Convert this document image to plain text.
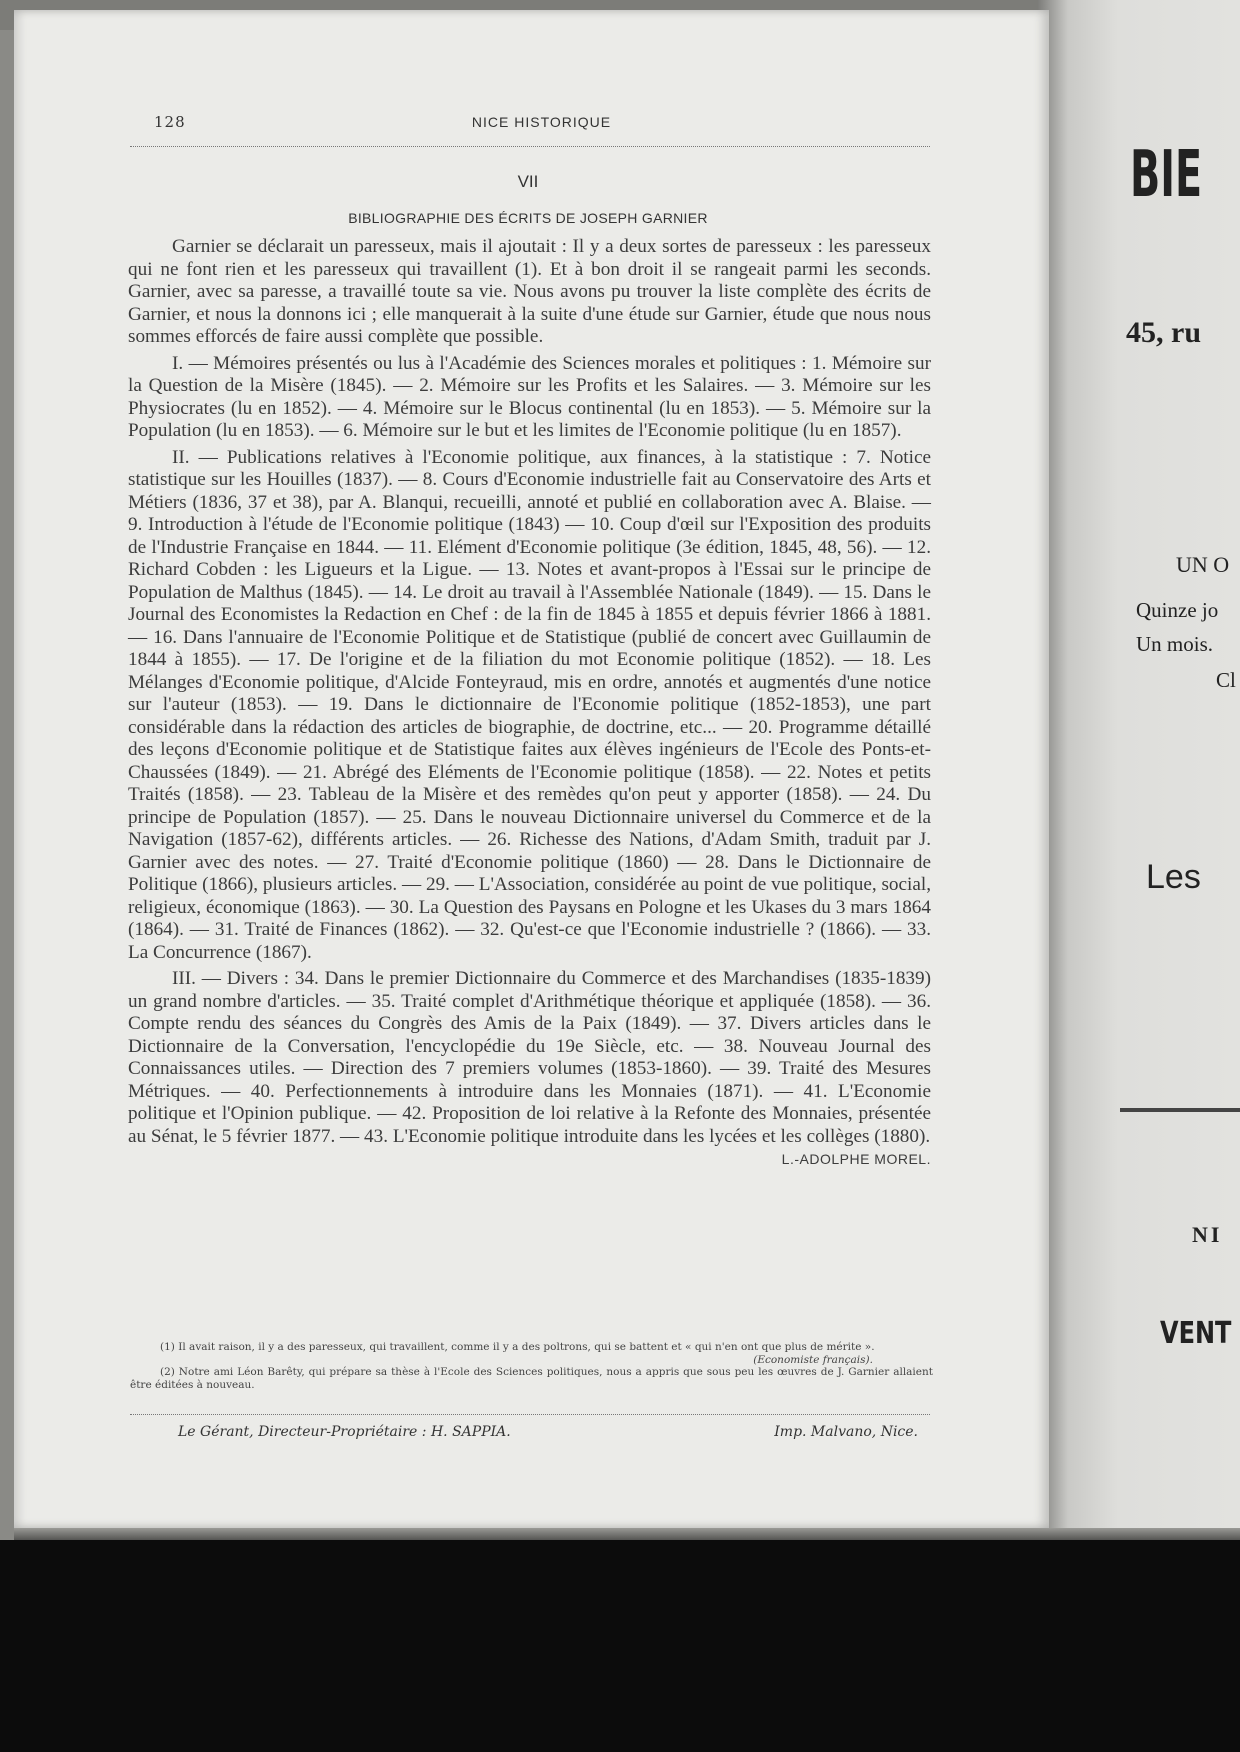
BIE
45, ru
UN O
Quinze jo
Un mois.
Cl
Les
NI
VENT
128	NICE HISTORIQUE
VII
BIBLIOGRAPHIE DES ÉCRITS DE JOSEPH GARNIER

Garnier se déclarait un paresseux, mais il ajoutait : Il y a deux sortes de paresseux : les paresseux qui ne font rien et les paresseux qui travaillent (1). Et à bon droit il se rangeait parmi les seconds. Garnier, avec sa paresse, a travaillé toute sa vie. Nous avons pu trouver la liste complète des écrits de Garnier, et nous la donnons ici ; elle manquerait à la suite d'une étude sur Garnier, étude que nous nous sommes efforcés de faire aussi complète que possible.

I. — Mémoires présentés ou lus à l'Académie des Sciences morales et politiques : 1. Mémoire sur la Question de la Misère (1845). — 2. Mémoire sur les Profits et les Salaires. — 3. Mémoire sur les Physiocrates (lu en 1852). — 4. Mémoire sur le Blocus continental (lu en 1853). — 5. Mémoire sur la Population (lu en 1853). — 6. Mémoire sur le but et les limites de l'Economie politique (lu en 1857).

II. — Publications relatives à l'Economie politique, aux finances, à la statistique : 7. Notice statistique sur les Houilles (1837). — 8. Cours d'Economie industrielle fait au Conservatoire des Arts et Métiers (1836, 37 et 38), par A. Blanqui, recueilli, annoté et publié en collaboration avec A. Blaise. — 9. Introduction à l'étude de l'Economie politique (1843) — 10. Coup d'œil sur l'Exposition des produits de l'Industrie Française en 1844. — 11. Elément d'Economie politique (3e édition, 1845, 48, 56). — 12. Richard Cobden : les Ligueurs et la Ligue. — 13. Notes et avant-propos à l'Essai sur le principe de Population de Malthus (1845). — 14. Le droit au travail à l'Assemblée Nationale (1849). — 15. Dans le Journal des Economistes la Redaction en Chef : de la fin de 1845 à 1855 et depuis février 1866 à 1881. — 16. Dans l'annuaire de l'Economie Politique et de Statistique (publié de concert avec Guillaumin de 1844 à 1855). — 17. De l'origine et de la filiation du mot Economie politique (1852). — 18. Les Mélanges d'Economie politique, d'Alcide Fonteyraud, mis en ordre, annotés et augmentés d'une notice sur l'auteur (1853). — 19. Dans le dictionnaire de l'Economie politique (1852-1853), une part considérable dans la rédaction des articles de biographie, de doctrine, etc... — 20. Programme détaillé des leçons d'Economie politique et de Statistique faites aux élèves ingénieurs de l'Ecole des Ponts-et-Chaussées (1849). — 21. Abrégé des Eléments de l'Economie politique (1858). — 22. Notes et petits Traités (1858). — 23. Tableau de la Misère et des remèdes qu'on peut y apporter (1858). — 24. Du principe de Population (1857). — 25. Dans le nouveau Dictionnaire universel du Commerce et de la Navigation (1857-62), différents articles. — 26. Richesse des Nations, d'Adam Smith, traduit par J. Garnier avec des notes. — 27. Traité d'Economie politique (1860) — 28. Dans le Dictionnaire de Politique (1866), plusieurs articles. — 29. — L'Association, considérée au point de vue politique, social, religieux, économique (1863). — 30. La Question des Paysans en Pologne et les Ukases du 3 mars 1864 (1864). — 31. Traité de Finances (1862). — 32. Qu'est-ce que l'Economie industrielle ? (1866). — 33. La Concurrence (1867).

III. — Divers : 34. Dans le premier Dictionnaire du Commerce et des Marchandises (1835-1839) un grand nombre d'articles. — 35. Traité complet d'Arithmétique théorique et appliquée (1858). — 36. Compte rendu des séances du Congrès des Amis de la Paix (1849). — 37. Divers articles dans le Dictionnaire de la Conversation, l'encyclopédie du 19e Siècle, etc. — 38. Nouveau Journal des Connaissances utiles. — Direction des 7 premiers volumes (1853-1860). — 39. Traité des Mesures Métriques. — 40. Perfectionnements à introduire dans les Monnaies (1871). — 41. L'Economie politique et l'Opinion publique. — 42. Proposition de loi relative à la Refonte des Monnaies, présentée au Sénat, le 5 février 1877. — 43. L'Economie politique introduite dans les lycées et les collèges (1880).

L.-ADOLPHE MOREL.

(1) Il avait raison, il y a des paresseux, qui travaillent, comme il y a des poltrons, qui se battent et « qui n'en ont que plus de mérite ».
(Economiste français).

(2) Notre ami Léon Barêty, qui prépare sa thèse à l'Ecole des Sciences politiques, nous a appris que sous peu les œuvres de J. Garnier allaient être éditées à nouveau.

Le Gérant, Directeur-Propriétaire : H. SAPPIA.	Imp. Malvano, Nice.
